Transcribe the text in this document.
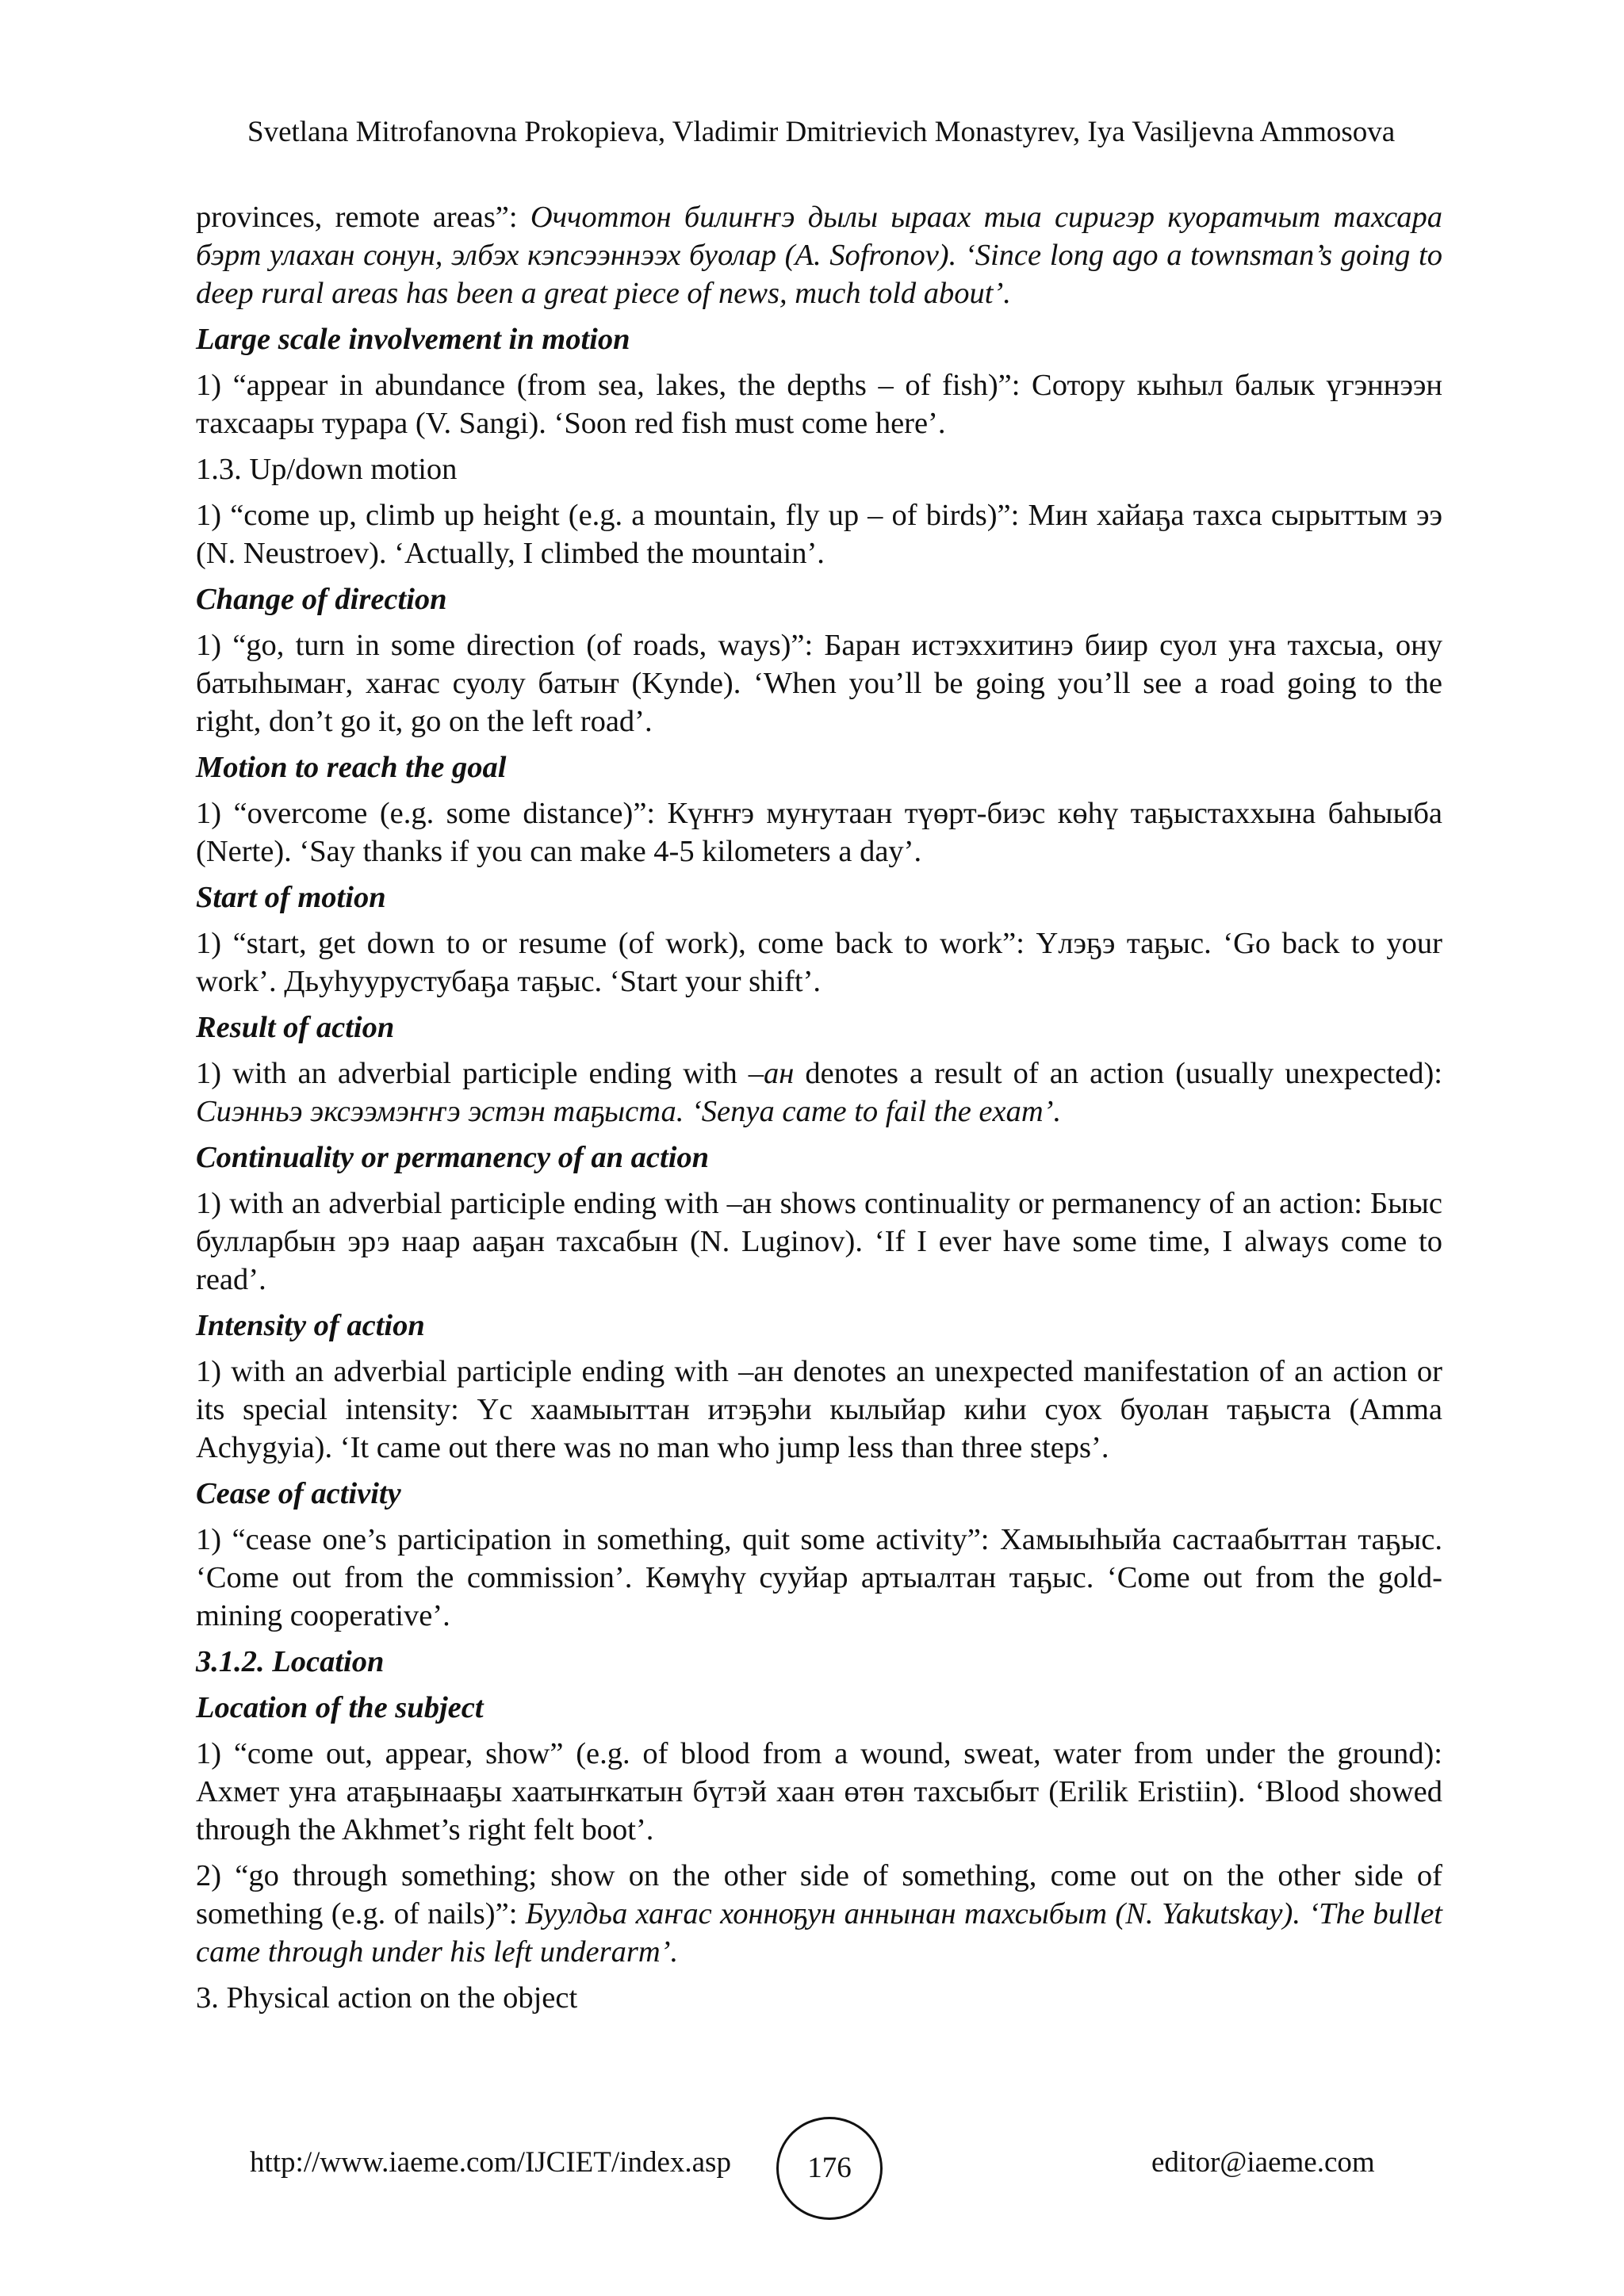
Svetlana Mitrofanovna Prokopieva, Vladimir Dmitrievich Monastyrev, Iya Vasiljevna Ammosova

provinces, remote areas”: Оччоттон билиҥҥэ дылы ыраах тыа сиригэр куоратчыт тахсара бэрт улахан сонун, элбэх кэпсээннээх буолар (A. Sofronov). ‘Since long ago a townsman’s going to deep rural areas has been a great piece of news, much told about’.

Large scale involvement in motion

1) “appear in abundance (from sea, lakes, the depths – of fish)”: Сотору кыһыл балык үгэннээн тахсаары турара (V. Sangi). ‘Soon red fish must come here’.

1.3. Up/down motion

1) “come up, climb up height (e.g. a mountain, fly up – of birds)”: Мин хайаҕа тахса сырыттым ээ (N. Neustroev). ‘Actually, I climbed the mountain’.

Change of direction

1) “go, turn in some direction (of roads, ways)”: Баран истэххитинэ биир суол уҥа тахсыа, ону батыһымаҥ, хаҥас суолу батыҥ (Kynde). ‘When you’ll be going you’ll see a road going to the right, don’t go it, go on the left road’.

Motion to reach the goal

1) “overcome (e.g. some distance)”: Күҥҥэ муҥутаан түөрт-биэс көһү таҕыстаххына баһыыба (Nerte). ‘Say thanks if you can make 4-5 kilometers a day’.

Start of motion

1) “start, get down to or resume (of work), come back to work”: Үлэҕэ таҕыс. ‘Go back to your work’. Дьуһуурустубаҕа таҕыс. ‘Start your shift’.

Result of action

1) with an adverbial participle ending with –ан denotes a result of an action (usually unexpected): Сиэнньэ эксээмэҥҥэ эстэн таҕыста. ‘Senya came to fail the exam’.

Continuality or permanency of an action

1) with an adverbial participle ending with –ан shows continuality or permanency of an action: Быыс булларбын эрэ наар ааҕан тахсабын (N. Luginov). ‘If I ever have some time, I always come to read’.

Intensity of action

1) with an adverbial participle ending with –ан denotes an unexpected manifestation of an action or its special intensity: Үс хаамыыттан итэҕэһи кылыйар киһи суох буолан таҕыста (Amma Achygyia). ‘It came out there was no man who jump less than three steps’.

Cease of activity

1) “cease one’s participation in something, quit some activity”: Хамыыһыйа састаабыттан таҕыс. ‘Come out from the commission’. Көмүһү сууйар артыалтан таҕыс. ‘Come out from the gold-mining cooperative’.

3.1.2. Location
Location of the subject

1) “come out, appear, show” (e.g. of blood from a wound, sweat, water from under the ground): Ахмет уҥа атаҕынааҕы хаатыҥкатын бүтэй хаан өтөн тахсыбыт (Erilik Eristiin). ‘Blood showed through the Akhmet’s right felt boot’.

2) “go through something; show on the other side of something, come out on the other side of something (e.g. of nails)”: Буулдьа хаҥас хонноҕун аннынан тахсыбыт (N. Yakutskay). ‘The bullet came through under his left underarm’.

3. Physical action on the object

http://www.iaeme.com/IJCIET/index.asp	176	editor@iaeme.com
